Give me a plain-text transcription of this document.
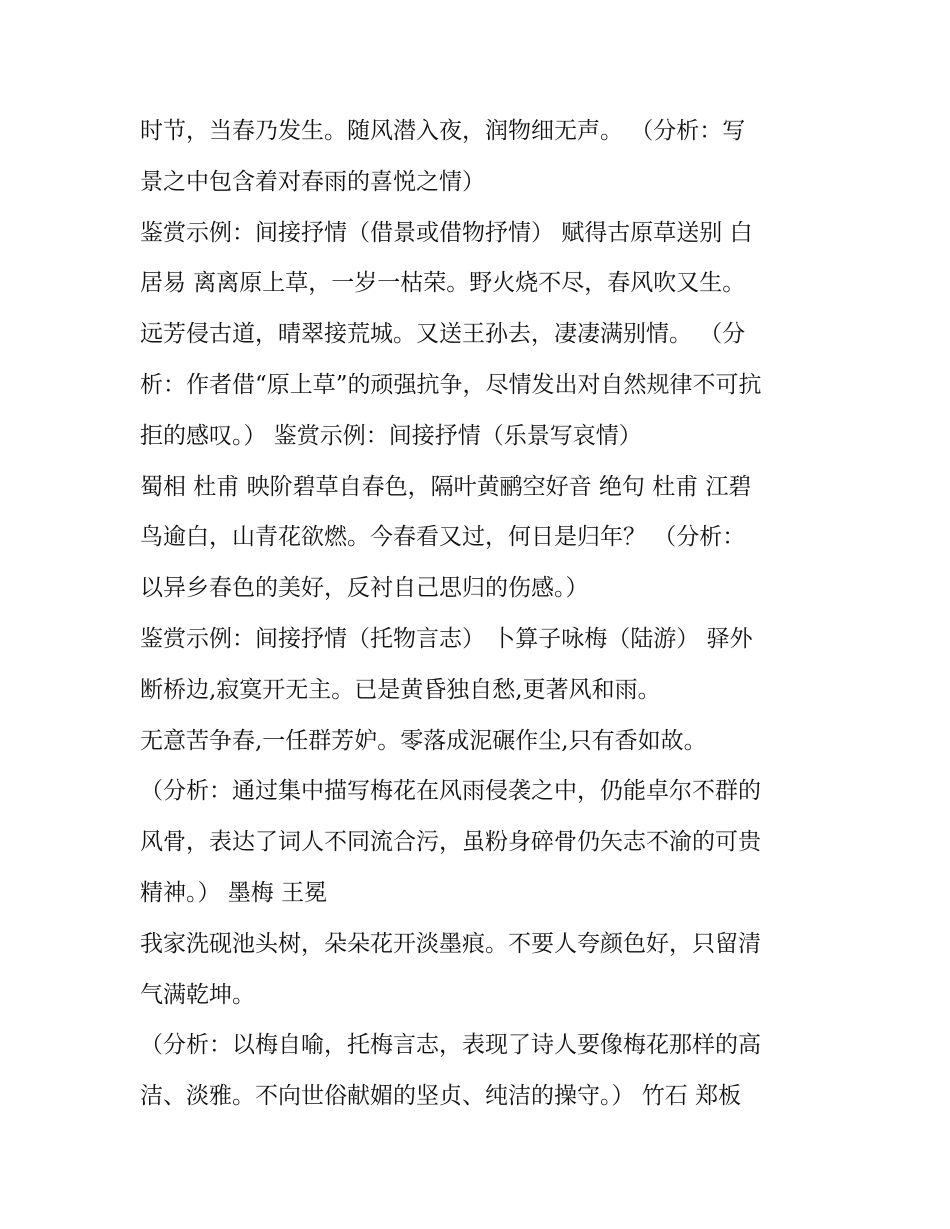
时节，当春乃发生。随风潜入夜，润物细无声。 （分析：写
景之中包含着对春雨的喜悦之情）
鉴赏示例：间接抒情（借景或借物抒情） 赋得古原草送别 白
居易 离离原上草，一岁一枯荣。野火烧不尽，春风吹又生。
远芳侵古道，晴翠接荒城。又送王孙去，凄凄满别情。 （分
析：作者借“原上草”的顽强抗争，尽情发出对自然规律不可抗
拒的感叹。） 鉴赏示例：间接抒情（乐景写哀情）
蜀相 杜甫 映阶碧草自春色，隔叶黄鹂空好音 绝句 杜甫 江碧
鸟逾白，山青花欲燃。今春看又过，何日是归年？ （分析：
以异乡春色的美好，反衬自己思归的伤感。）
鉴赏示例：间接抒情（托物言志） 卜算子咏梅（陆游） 驿外
断桥边,寂寞开无主。已是黄昏独自愁,更著风和雨。
无意苦争春,一任群芳妒。零落成泥碾作尘,只有香如故。
（分析：通过集中描写梅花在风雨侵袭之中，仍能卓尔不群的
风骨，表达了词人不同流合污，虽粉身碎骨仍矢志不渝的可贵
精神。） 墨梅 王冕
我家洗砚池头树，朵朵花开淡墨痕。不要人夸颜色好，只留清
气满乾坤。
（分析：以梅自喻，托梅言志，表现了诗人要像梅花那样的高
洁、淡雅。不向世俗献媚的坚贞、纯洁的操守。） 竹石 郑板
